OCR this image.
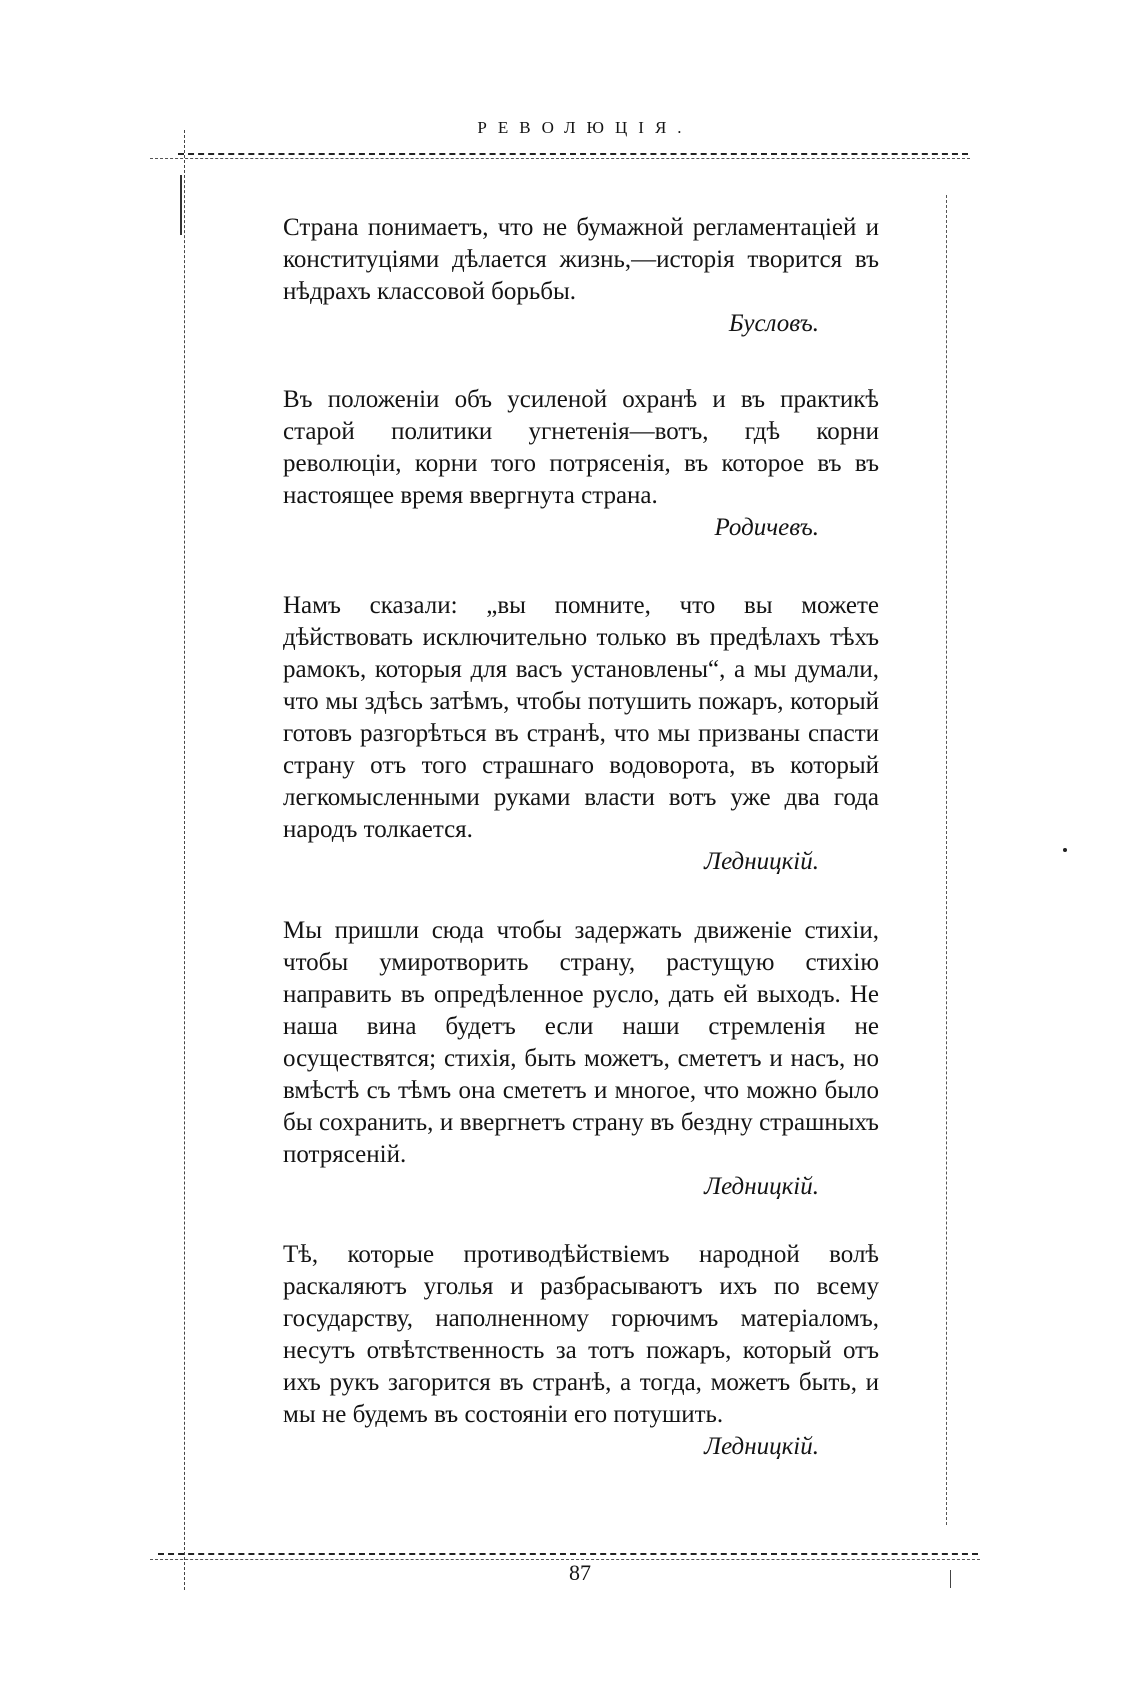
РЕВОЛЮЦІЯ.

Страна понимаетъ, что не бумажной регламентаціей и конституціями дѣлается жизнь,—исторія творится въ нѣдрахъ классовой борьбы.

Бусловъ.

Въ положеніи объ усиленой охранѣ и въ практикѣ старой политики угнетенія—вотъ, гдѣ корни революціи, корни того потрясенія, въ которое въ въ настоящее время ввергнута страна.

Родичевъ.

Намъ сказали: „вы помните, что вы можете дѣйствовать исключительно только въ предѣлахъ тѣхъ рамокъ, которыя для васъ установлены“, а мы думали, что мы здѣсь затѣмъ, чтобы потушить пожаръ, который готовъ разгорѣться въ странѣ, что мы призваны спасти страну отъ того страшнаго водоворота, въ который легкомысленными руками власти вотъ уже два года народъ толкается.

Ледницкій.

Мы пришли сюда чтобы задержать движеніе стихіи, чтобы умиротворить страну, растущую стихію направить въ опредѣленное русло, дать ей выходъ. Не наша вина будетъ если наши стремленія не осуществятся; стихія, быть можетъ, смететъ и насъ, но вмѣстѣ съ тѣмъ она смететъ и многое, что можно было бы сохранить, и ввергнетъ страну въ бездну страшныхъ потрясеній.

Ледницкій.

Тѣ, которые противодѣйствіемъ народной волѣ раскаляютъ уголья и разбрасываютъ ихъ по всему государству, наполненному горючимъ матеріаломъ, несутъ отвѣтственность за тотъ пожаръ, который отъ ихъ рукъ загорится въ странѣ, а тогда, можетъ быть, и мы не будемъ въ состояніи его потушить.

Ледницкій.

87
